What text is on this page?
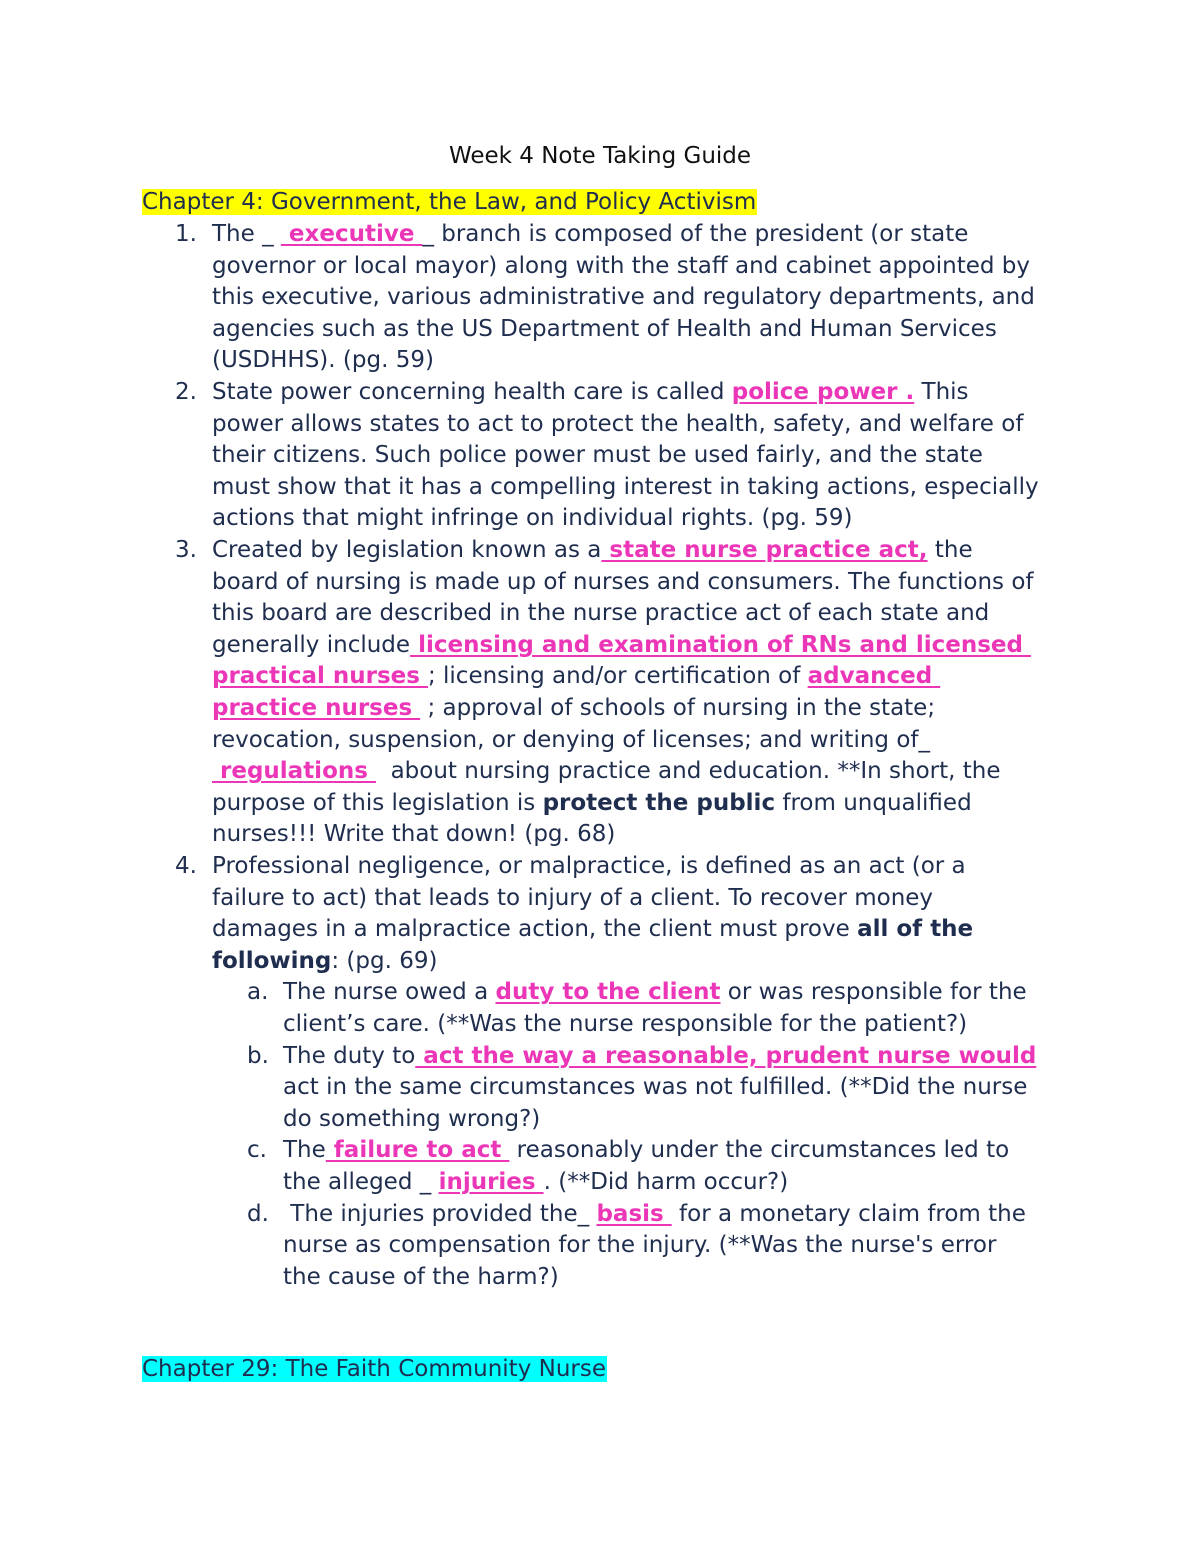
Week 4 Note Taking Guide
Chapter 4: Government, the Law, and Policy Activism
1. The _  executive _ branch is composed of the president (or state
governor or local mayor) along with the staff and cabinet appointed by
this executive, various administrative and regulatory departments, and
agencies such as the US Department of Health and Human Services
(USDHHS). (pg. 59)
2. State power concerning health care is called police power . This
power allows states to act to protect the health, safety, and welfare of
their citizens. Such police power must be used fairly, and the state
must show that it has a compelling interest in taking actions, especially
actions that might infringe on individual rights. (pg. 59)
3. Created by legislation known as a state nurse practice act, the
board of nursing is made up of nurses and consumers. The functions of
this board are described in the nurse practice act of each state and
generally include licensing and examination of RNs and licensed
practical nurses ; licensing and/or certification of advanced
practice nurses  ; approval of schools of nursing in the state;
revocation, suspension, or denying of licenses; and writing of_
regulations   about nursing practice and education. **In short, the
purpose of this legislation is protect the public from unqualified
nurses!!! Write that down! (pg. 68)
4. Professional negligence, or malpractice, is defined as an act (or a
failure to act) that leads to injury of a client. To recover money
damages in a malpractice action, the client must prove all of the
following: (pg. 69)
a. The nurse owed a duty to the client or was responsible for the
client’s care. (**Was the nurse responsible for the patient?)
b. The duty to act the way a reasonable, prudent nurse would
act in the same circumstances was not fulfilled. (**Did the nurse
do something wrong?)
c. The failure to act  reasonably under the circumstances led to
the alleged _ injuries . (**Did harm occur?)
d. The injuries provided the_ basis  for a monetary claim from the
nurse as compensation for the injury. (**Was the nurse's error
the cause of the harm?)
Chapter 29: The Faith Community Nurse
